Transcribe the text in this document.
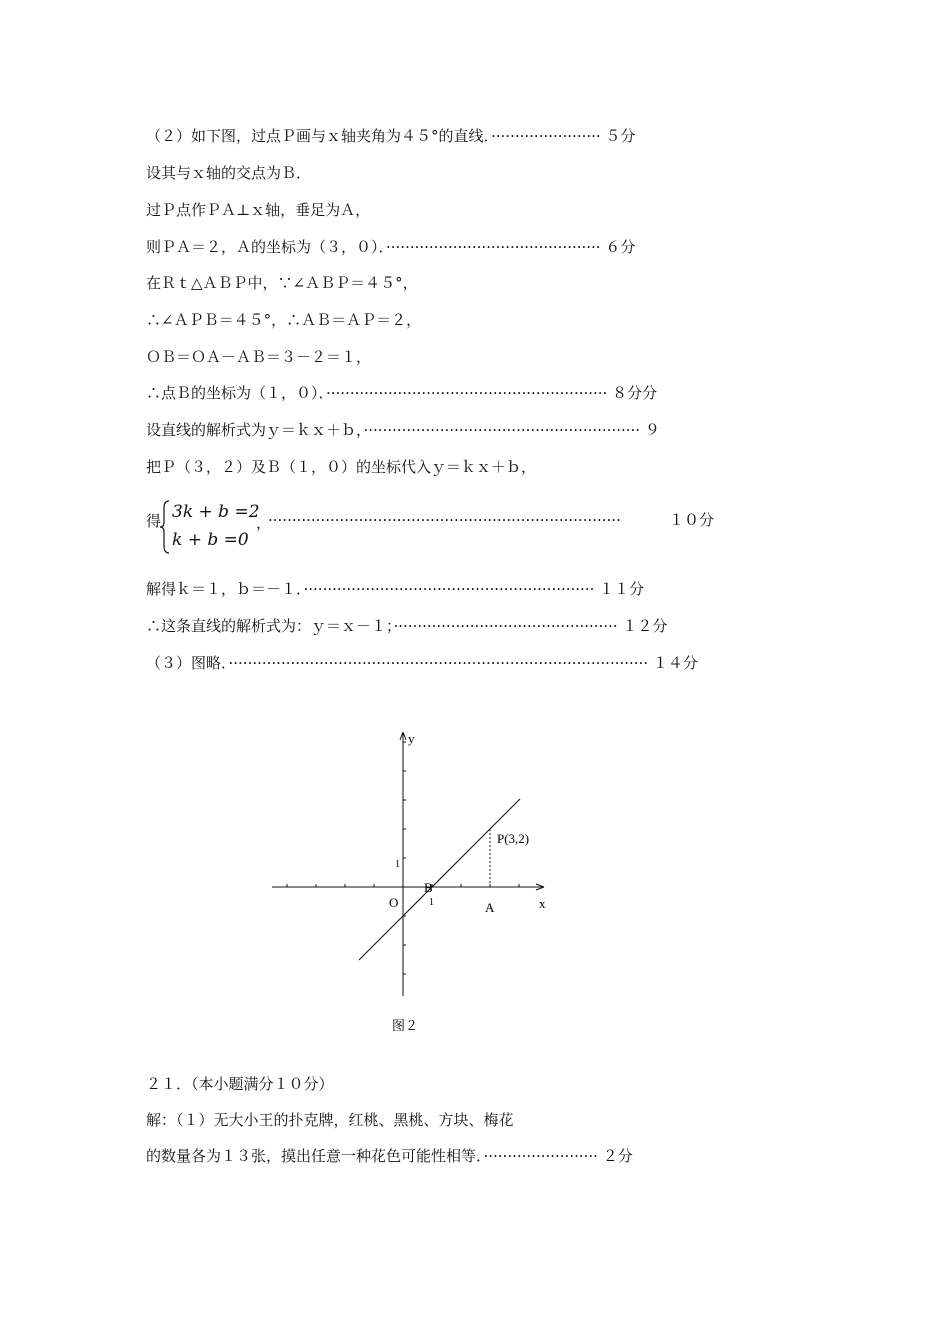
（２）如下图，过点Ｐ画与ｘ轴夹角为４５°的直线．······················· ５分
设其与ｘ轴的交点为Ｂ．
过Ｐ点作ＰＡ⊥ｘ轴，垂足为Ａ，
则ＰＡ＝２，Ａ的坐标为（３，０）．············································· ６分
在Ｒｔ△ＡＢＰ中，∵∠ＡＢＰ＝４５°，
∴∠ＡＰＢ＝４５°，∴ＡＢ＝ＡＰ＝２，
ＯＢ＝ＯＡ－ＡＢ＝３－２＝１，
∴点Ｂ的坐标为（１，０）．··························································· ８分分
设直线的解析式为ｙ＝ｋｘ＋ｂ，·························································· ９
把Ｐ（３，２）及Ｂ（１，０）的坐标代入ｙ＝ｋｘ＋ｂ，
得 3k + b =2
k + b =0
，
··········································································	１０分
解得ｋ＝１，ｂ＝－１．····························································· １１分
∴这条直线的解析式为：ｙ＝ｘ－１；··············································· １２分
（３）图略．························································································ １４分
y
x
O
B
A
P(3,2)
1
1
图２
２１．（本小题满分１０分）
解：（１）无大小王的扑克牌，红桃、黑桃、方块、梅花
的数量各为１３张，摸出任意一种花色可能性相等．························ ２分
